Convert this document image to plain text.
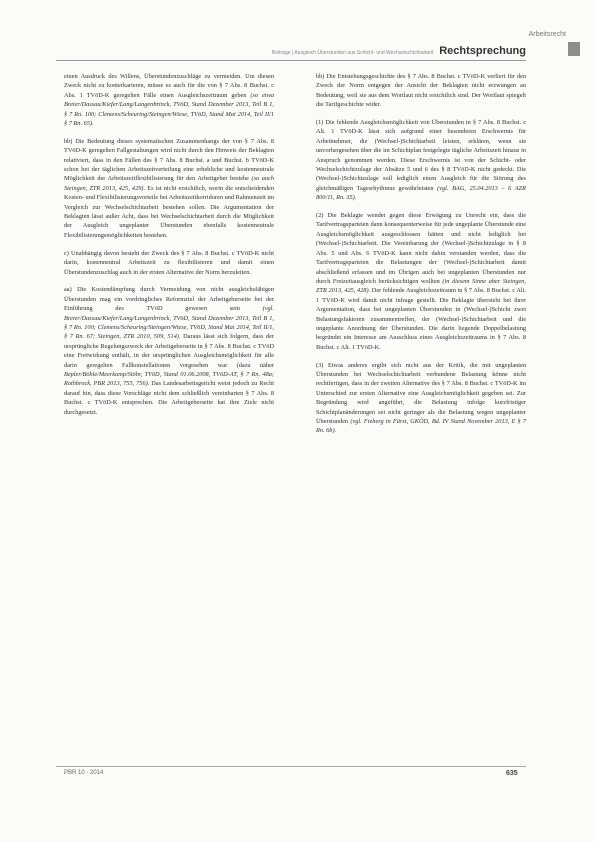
Arbeitsrecht
Beiträge | Ausgleich Überstunden aus Schicht- und Wechselschichtarbeit Rechtsprechung

einen Ausdruck des Willens, Überstundenzuschläge zu vermeiden. Um diesen Zweck nicht zu konterkarieren, müsse es auch für die von § 7 Abs. 8 Buchst. c Abs. 1 TVöD-K geregelten Fälle einen Ausgleichszeitraum geben (so etwa Breier/Dassau/Kiefer/Lang/Langenbrinck, TVöD, Stand Dezember 2013, Teil B 1, § 7 Rn. 100; Clemens/Scheuring/Steingen/Wiese, TVöD, Stand Mai 2014, Teil II/1 § 7 Rn. 65).

bb) Die Bedeutung dieses systematischen Zusammenhangs der von § 7 Abs. 8 TVöD-K geregelten Fallgestaltungen wird nicht durch den Hinweis der Beklagten relativiert, dass in den Fällen des § 7 Abs. 8 Buchst. a und Buchst. b TVöD-K schon bei der täglichen Arbeitszeitverteilung eine erhebliche und kostenneutrale Möglichkeit der Arbeitszeitflexibilisierung für den Arbeitgeber bestehe (so auch Steingen, ZTR 2013, 425, 429). Es ist nicht ersichtlich, worin die entscheidenden Kosten- und Flexibilisierungsvorteile bei Arbeitszeitkorridoren und Rahmenzeit im Vergleich zur Wechselschichtarbeit bestehen sollen. Die Argumentation der Beklagten lässt außer Acht, dass bei Wechselschichtarbeit durch die Möglichkeit der Ausgleich ungeplanter Überstunden ebenfalls kostenneutrale Flexibilisierungsmöglichkeiten bestehen.

c) Unabhängig davon besteht der Zweck des § 7 Abs. 8 Buchst. c TVöD-K nicht darin, kostenneutral Arbeitszeit zu flexibilisieren und damit einen Überstundenzuschlag auch in der ersten Alternative der Norm herzuleiten.

aa) Die Kostendämpfung durch Vermeidung von nicht ausgleichsfähigen Überstunden mag ein vordringliches Reformziel der Arbeitgeberseite bei der Einführung des TVöD gewesen sein (vgl. Breier/Dassau/Kiefer/Lang/Langenbrinck, TVöD, Stand Dezember 2013, Teil B 1, § 7 Rn. 100; Clemens/Scheuring/Steingen/Wiese, TVöD, Stand Mai 2014, Teil II/1, § 7 Rn. 67; Steingen, ZTR 2010, 509, 514). Daraus lässt sich folgern, dass der ursprüngliche Regelungszweck der Arbeitgeberseite in § 7 Abs. 8 Buchst. c TVöD eine Fortwirkung enthält, in der ursprünglichen Ausgleichsmöglichkeit für alle darin geregelten Fallkonstellationen vorgesehen war (dazu näher Bepler/Böhle/Meerkamp/Stöhr, TVöD, Stand 01.06.2008, TVöD-AT, § 7 Rn. 48a; Rothbrock, PBR 2013, 755, 756). Das Landesarbeitsgericht weist jedoch zu Recht darauf hin, dass diese Vorschläge nicht dem schließlich vereinbarten § 7 Abs. 8 Buchst. c TVöD-K entsprechen. Die Arbeitgeberseite hat ihre Ziele nicht durchgesetzt.

bb) Die Entstehungsgeschichte des § 7 Abs. 8 Buchst. c TVöD-K verliert für den Zweck der Norm entgegen der Ansicht der Beklagten nicht erzwungen an Bedeutung, weil sie aus dem Wortlaut nicht ersichtlich sind. Der Wortlaut spiegelt die Tarifgeschichte wider.

(1) Die fehlende Ausgleichsmöglichkeit von Überstunden in § 7 Abs. 8 Buchst. c Alt. 1 TVöD-K lässt sich aufgrund einer besonderen Erschwernis für Arbeitnehmer, die (Wechsel-)Schichtarbeit leisten, erklären, wenn sie unvorhergesehen über die im Schichtplan festgelegte tägliche Arbeitszeit hinaus in Anspruch genommen werden. Diese Erschwernis ist von der Schicht- oder Wechselschichtzulage der Absätze 5 und 6 des § 8 TVöD-K nicht gedeckt. Die (Wechsel-)Schichtzulage soll lediglich einen Ausgleich für die Störung des gleichmäßigen Tagesrhythmus gewährleisten (vgl. BAG, 25.04.2013 – 6 AZR 800/11, Rn. 35).

(2) Die Beklagte wendet gegen diese Erwägung zu Unrecht ein, dass die Tarifvertragsparteien dann konsequenterweise für jede ungeplante Überstunde eine Ausgleichsmöglichkeit ausgeschlossen hätten und nicht lediglich bei (Wechsel-)Schichtarbeit. Die Vereinbarung der (Wechsel-)Schichtzulage in § 8 Abs. 5 und Abs. 6 TVöD-K kann nicht dahin verstanden werden, dass die Tarifvertragsparteien die Belastungen der (Wechsel-)Schichtarbeit damit abschließend erfassen und im Übrigen auch bei ungeplanten Überstunden nur durch Freizeitausgleich berücksichtigen wollten (in diesem Sinne aber Steingen, ZTR 2013, 425, 428). Der fehlende Ausgleichszeitraum in § 7 Abs. 8 Buchst. c Alt. 1 TVöD-K wird damit nicht infrage gestellt. Die Beklagte übersieht bei ihrer Argumentation, dass bei ungeplanten Überstunden in (Wechsel-)Schicht zwei Belastungsfaktoren zusammentreffen, der (Wechsel-)Schichtarbeit und die ungeplante Anordnung der Überstunden. Die darin liegende Doppelbelastung begründet ein Interesse am Ausschluss eines Ausgleichszeitraums in § 7 Abs. 8 Buchst. c Alt. 1 TVöD-K.

(3) Etwas anderes ergibt sich nicht aus der Kritik, die mit ungeplanten Überstunden bei Wechselschichtarbeit verbundene Belastung könne nicht rechtfertigen, dass in der zweiten Alternative des § 7 Abs. 8 Buchst. c TVöD-K im Unterschied zur ersten Alternative eine Ausgleichsmöglichkeit gegeben sei. Zur Begründung wird angeführt, die Belastung infolge kurzfristiger Schichtplanänderungen sei nicht geringer als die Belastung wegen ungeplanter Überstunden (vgl. Fieberg in Fürst, GKÖD, Bd. IV Stand November 2013, E § 7 Rn. 6b).

PBR 10 · 2014	635
